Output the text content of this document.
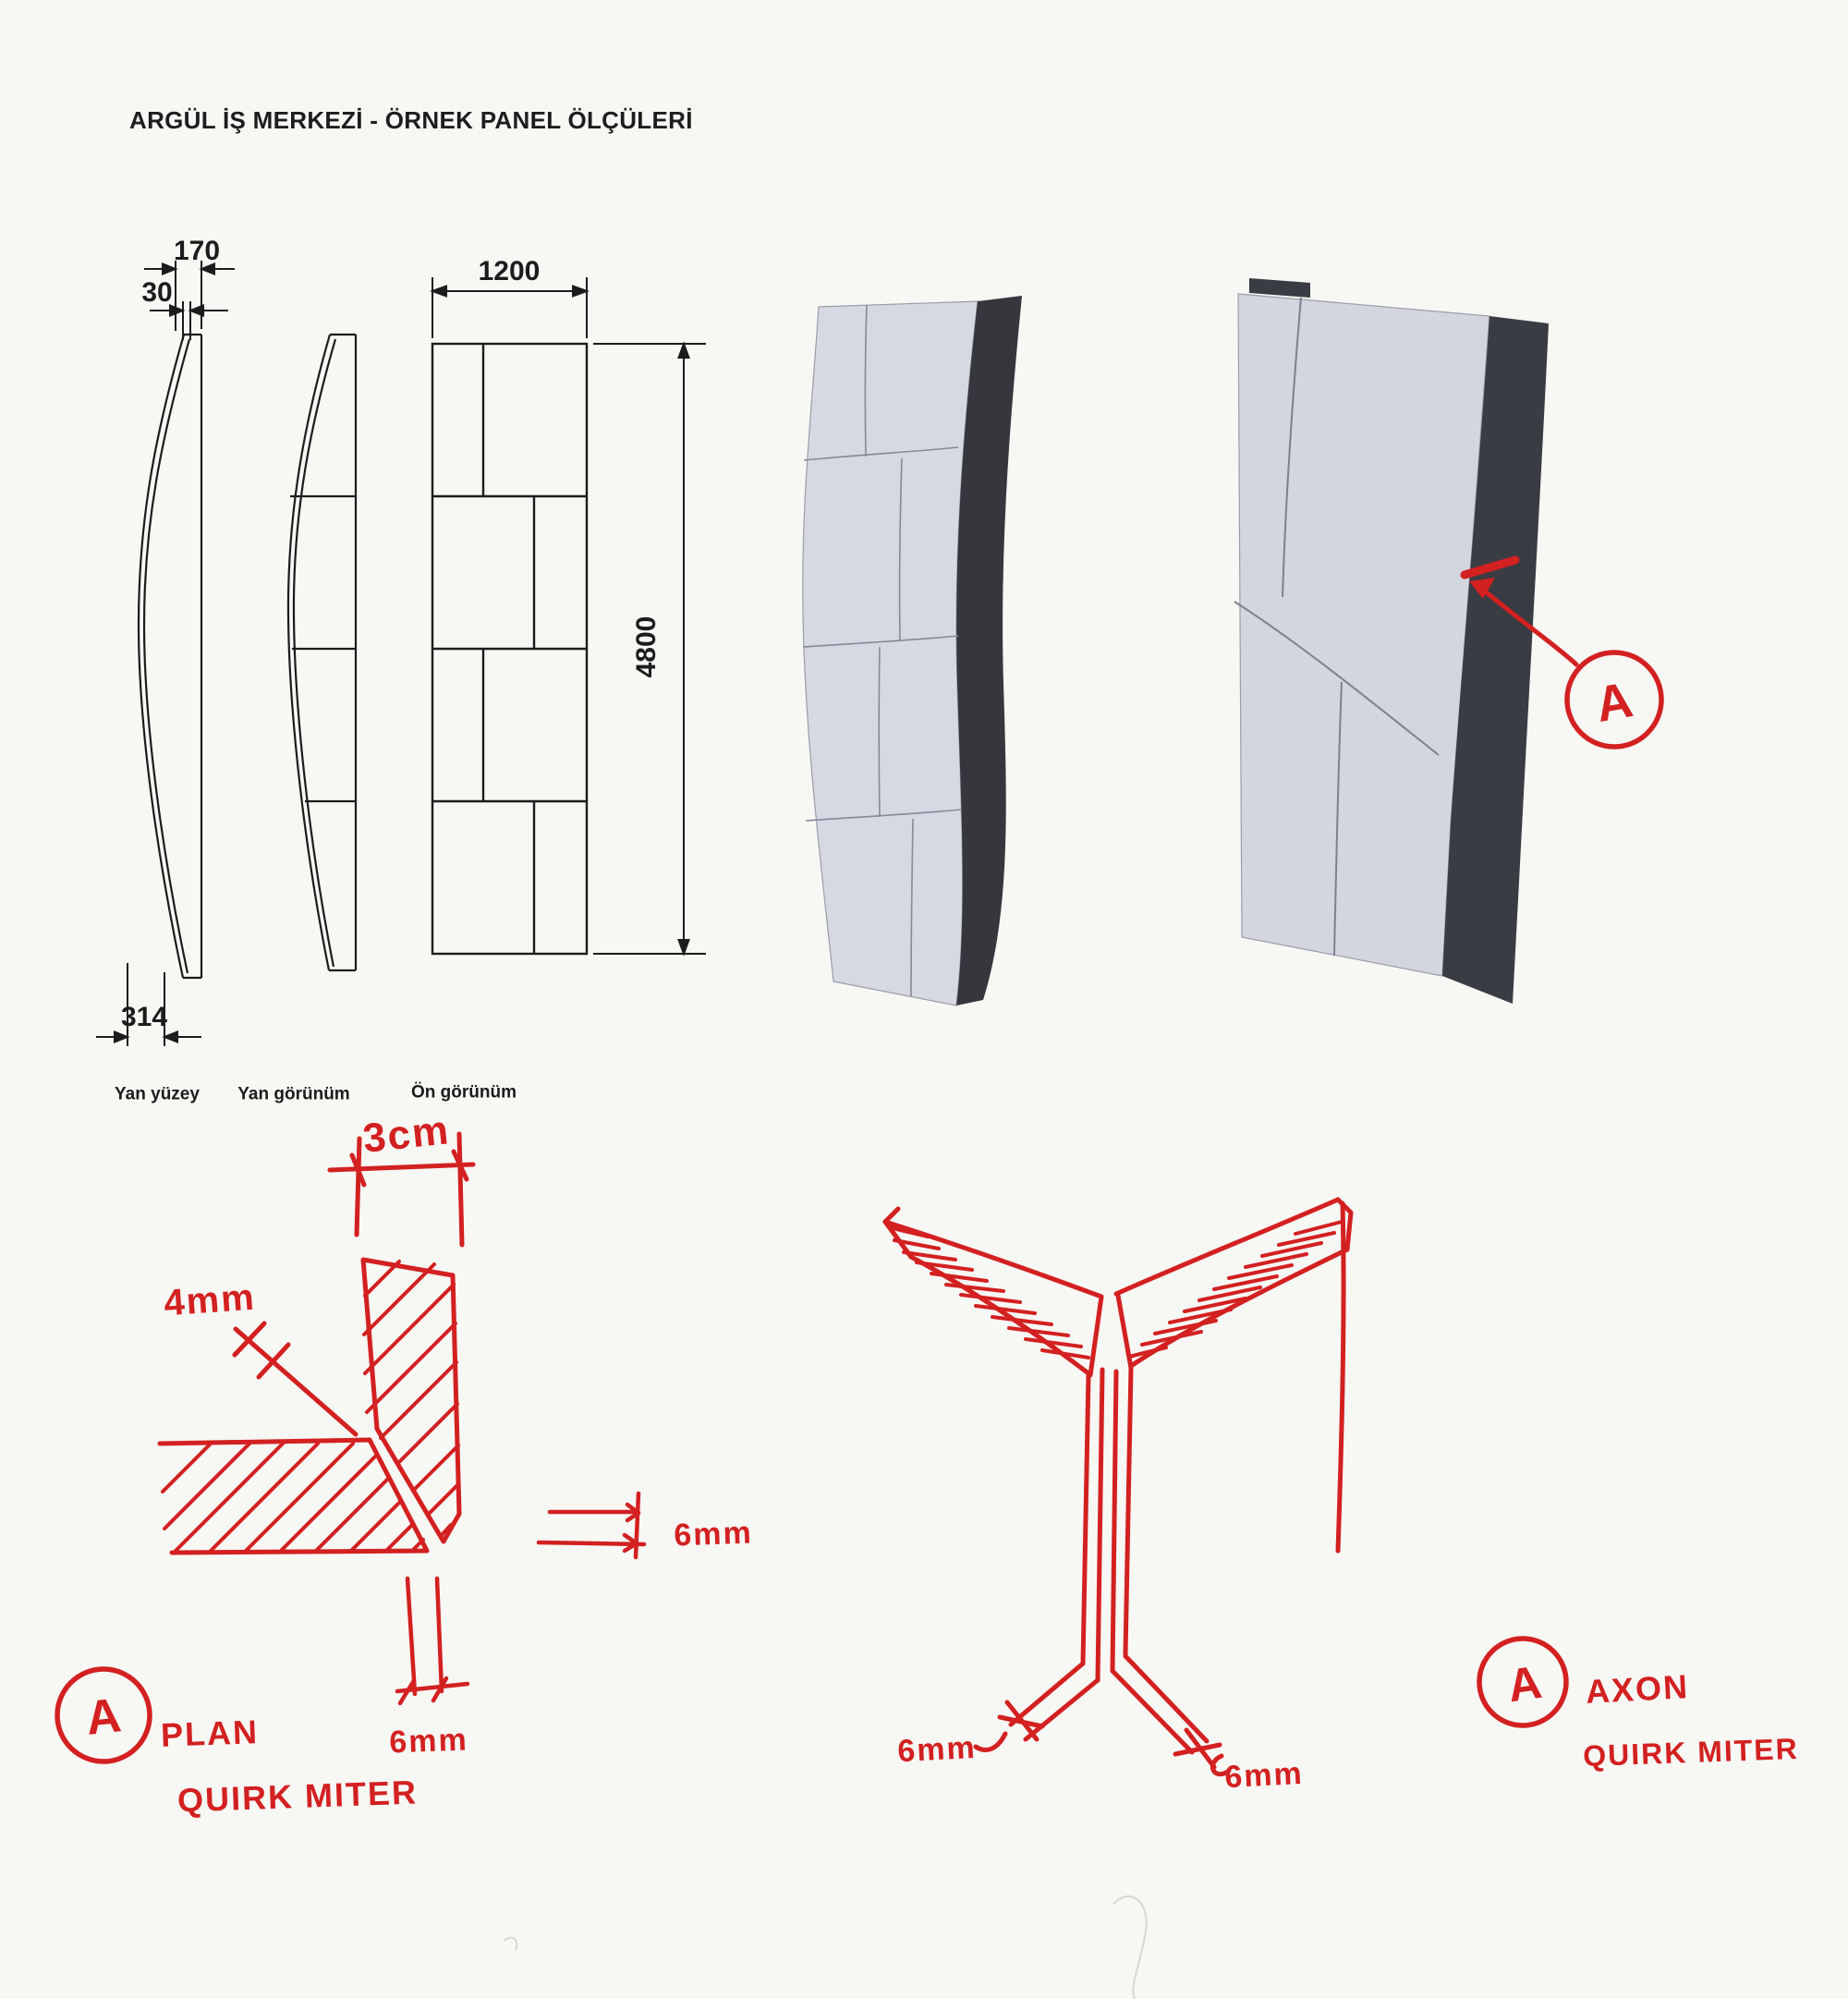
ARGÜL İŞ MERKEZİ - ÖRNEK PANEL ÖLÇÜLERİ
170
30
1200
4800
314
Yan yüzey Yan görünüm	Ön görünüm
A
3cm
4mm
6mm
6mm
A PLAN
QUIRK MITER
6mm
6mm
A AXON
QUIRK MITER
